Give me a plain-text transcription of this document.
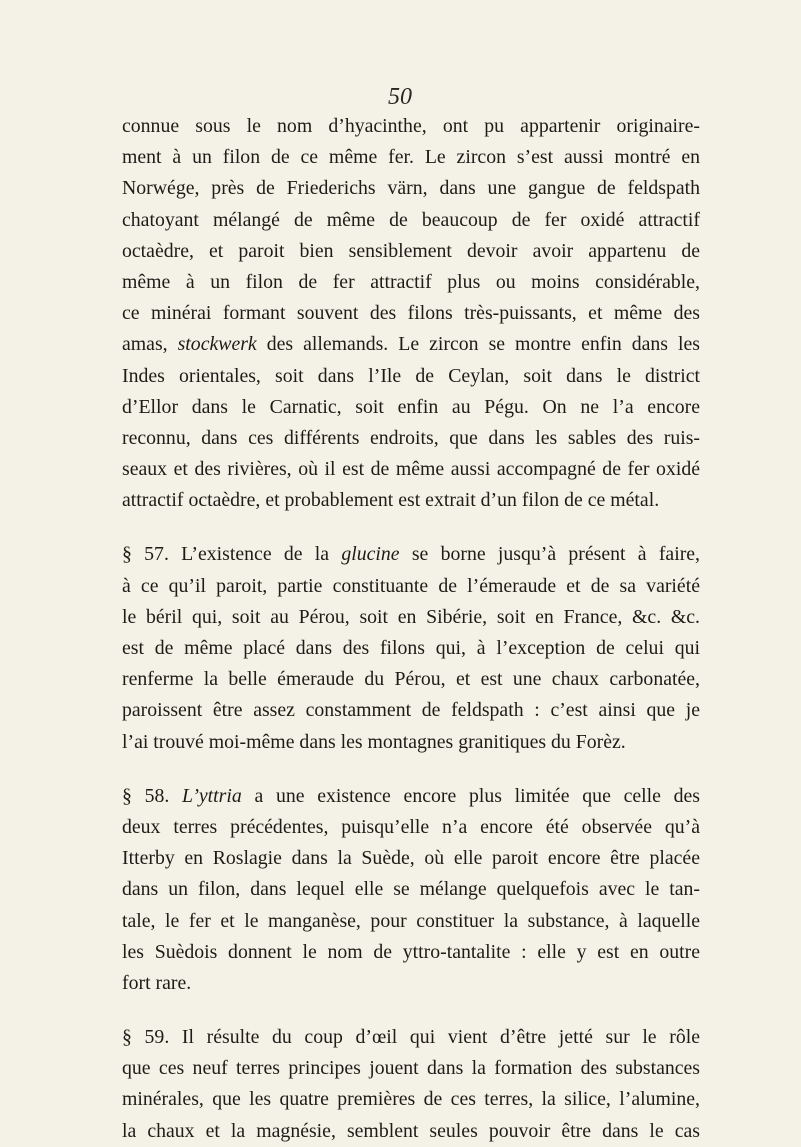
50
connue sous le nom d’hyacinthe, ont pu appartenir originaire-
ment à un filon de ce même fer. Le zircon s’est aussi montré en
Norwége, près de Friederichs värn, dans une gangue de feldspath
chatoyant mélangé de même de beaucoup de fer oxidé attractif
octaèdre, et paroit bien sensiblement devoir avoir appartenu de
même à un filon de fer attractif plus ou moins considérable,
ce minérai formant souvent des filons très-puissants, et même des
amas, stockwerk des allemands. Le zircon se montre enfin dans les
Indes orientales, soit dans l’Ile de Ceylan, soit dans le district
d’Ellor dans le Carnatic, soit enfin au Pégu. On ne l’a encore
reconnu, dans ces différents endroits, que dans les sables des ruis-
seaux et des rivières, où il est de même aussi accompagné de fer oxidé
attractif octaèdre, et probablement est extrait d’un filon de ce métal.
§ 57. L’existence de la glucine se borne jusqu’à présent à faire,
à ce qu’il paroit, partie constituante de l’émeraude et de sa variété
le béril qui, soit au Pérou, soit en Sibérie, soit en France, &c. &c.
est de même placé dans des filons qui, à l’exception de celui qui
renferme la belle émeraude du Pérou, et est une chaux carbonatée,
paroissent être assez constamment de feldspath : c’est ainsi que je
l’ai trouvé moi-même dans les montagnes granitiques du Forèz.
§ 58. L’yttria a une existence encore plus limitée que celle des
deux terres précédentes, puisqu’elle n’a encore été observée qu’à
Itterby en Roslagie dans la Suède, où elle paroit encore être placée
dans un filon, dans lequel elle se mélange quelquefois avec le tan-
tale, le fer et le manganèse, pour constituer la substance, à laquelle
les Suèdois donnent le nom de yttro-tantalite : elle y est en outre
fort rare.
§ 59. Il résulte du coup d’œil qui vient d’être jetté sur le rôle
que ces neuf terres principes jouent dans la formation des substances
minérales, que les quatre premières de ces terres, la silice, l’alumine,
la chaux et la magnésie, semblent seules pouvoir être dans le cas
